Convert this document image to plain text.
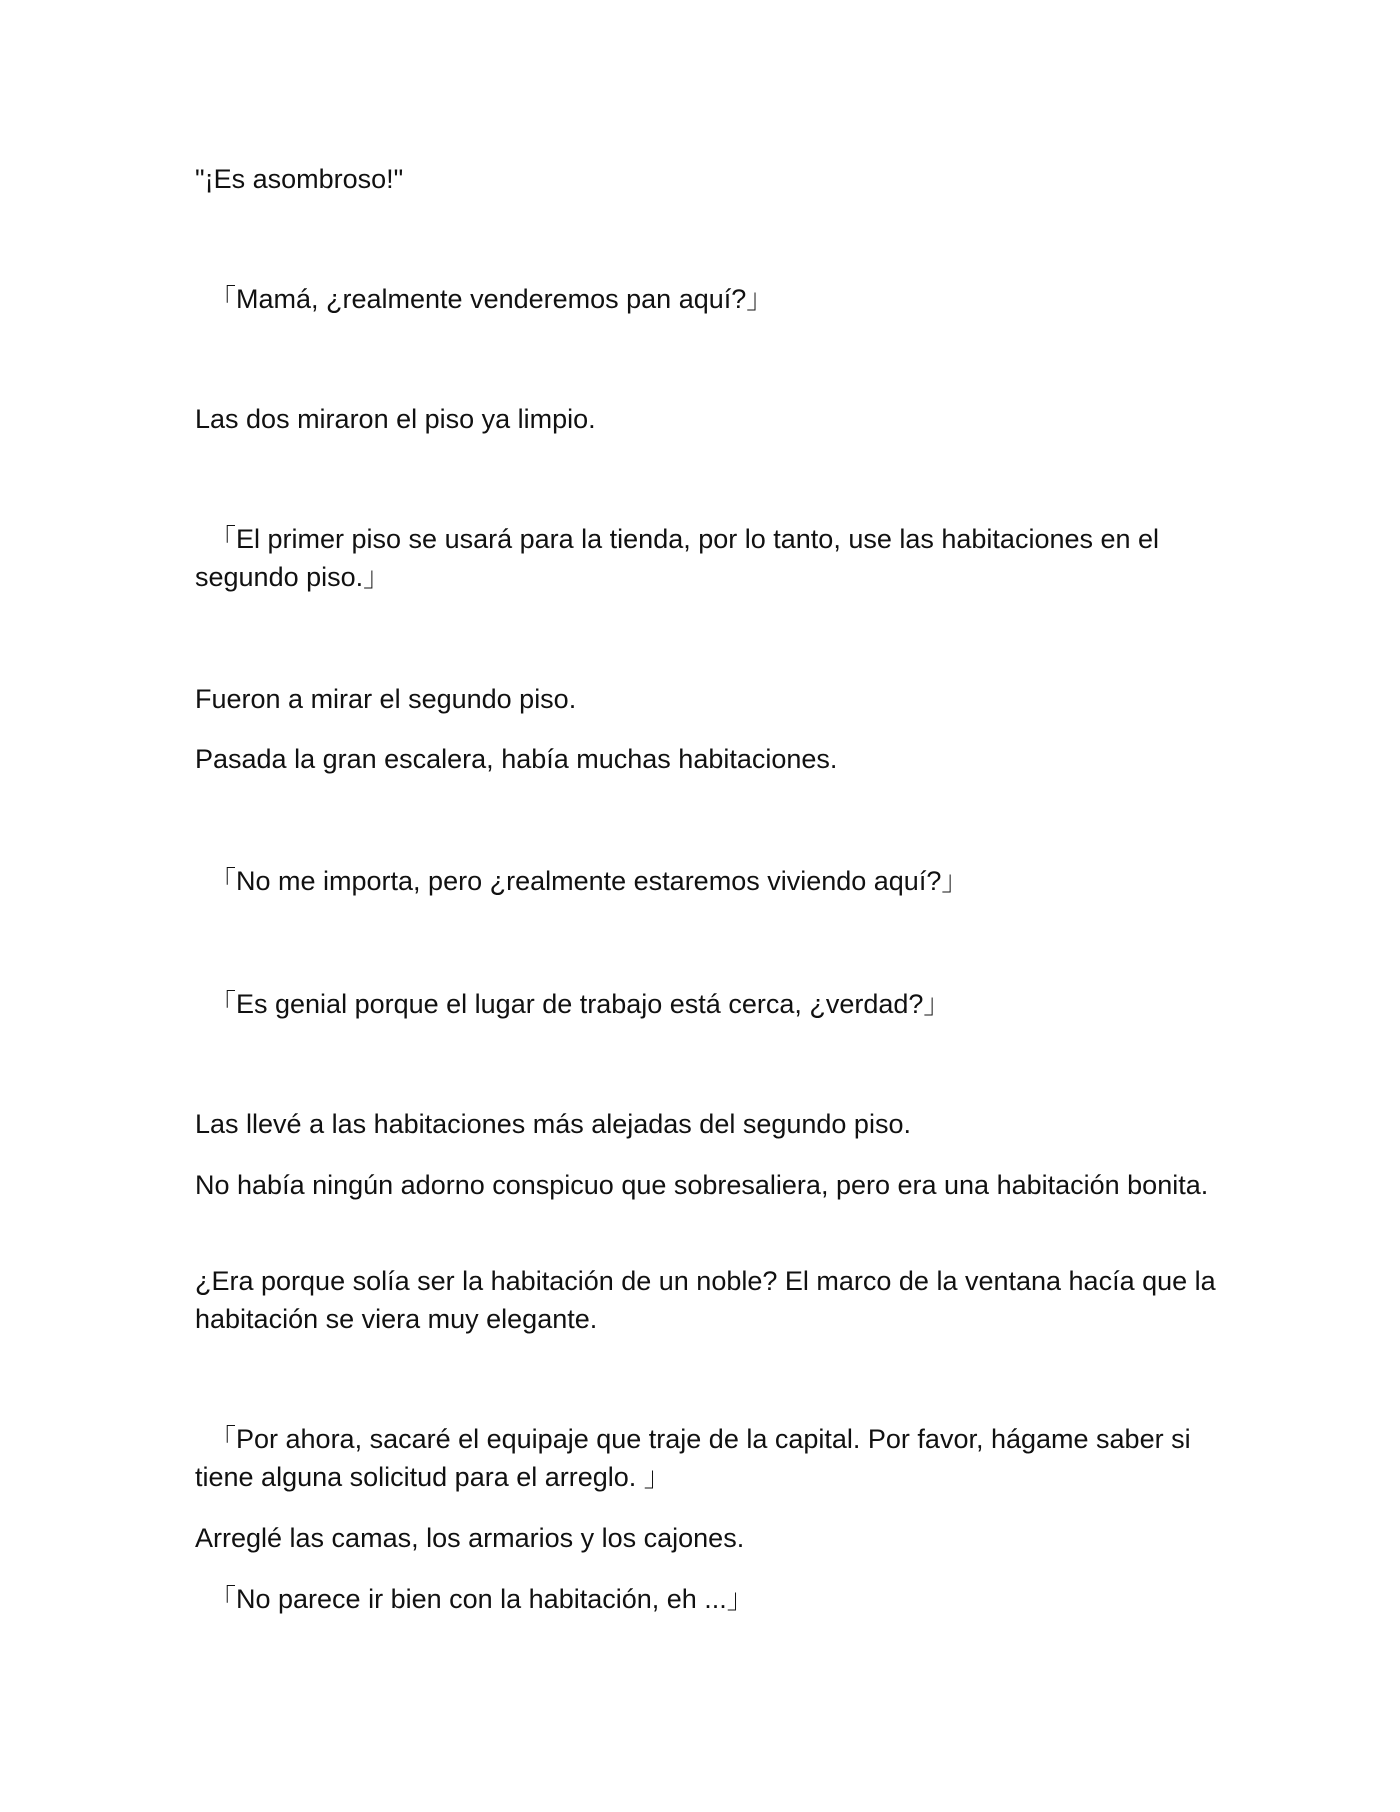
"¡Es asombroso!"

「Mamá, ¿realmente venderemos pan aquí?」

Las dos miraron el piso ya limpio.

「El primer piso se usará para la tienda, por lo tanto, use las habitaciones en el segundo piso.」

Fueron a mirar el segundo piso.

Pasada la gran escalera, había muchas habitaciones.

「No me importa, pero ¿realmente estaremos viviendo aquí?」

「Es genial porque el lugar de trabajo está cerca, ¿verdad?」

Las llevé a las habitaciones más alejadas del segundo piso.

No había ningún adorno conspicuo que sobresaliera, pero era una habitación bonita.

¿Era porque solía ser la habitación de un noble? El marco de la ventana hacía que la habitación se viera muy elegante.

「Por ahora, sacaré el equipaje que traje de la capital. Por favor, hágame saber si tiene alguna solicitud para el arreglo. 」

Arreglé las camas, los armarios y los cajones.

「No parece ir bien con la habitación, eh ...」
